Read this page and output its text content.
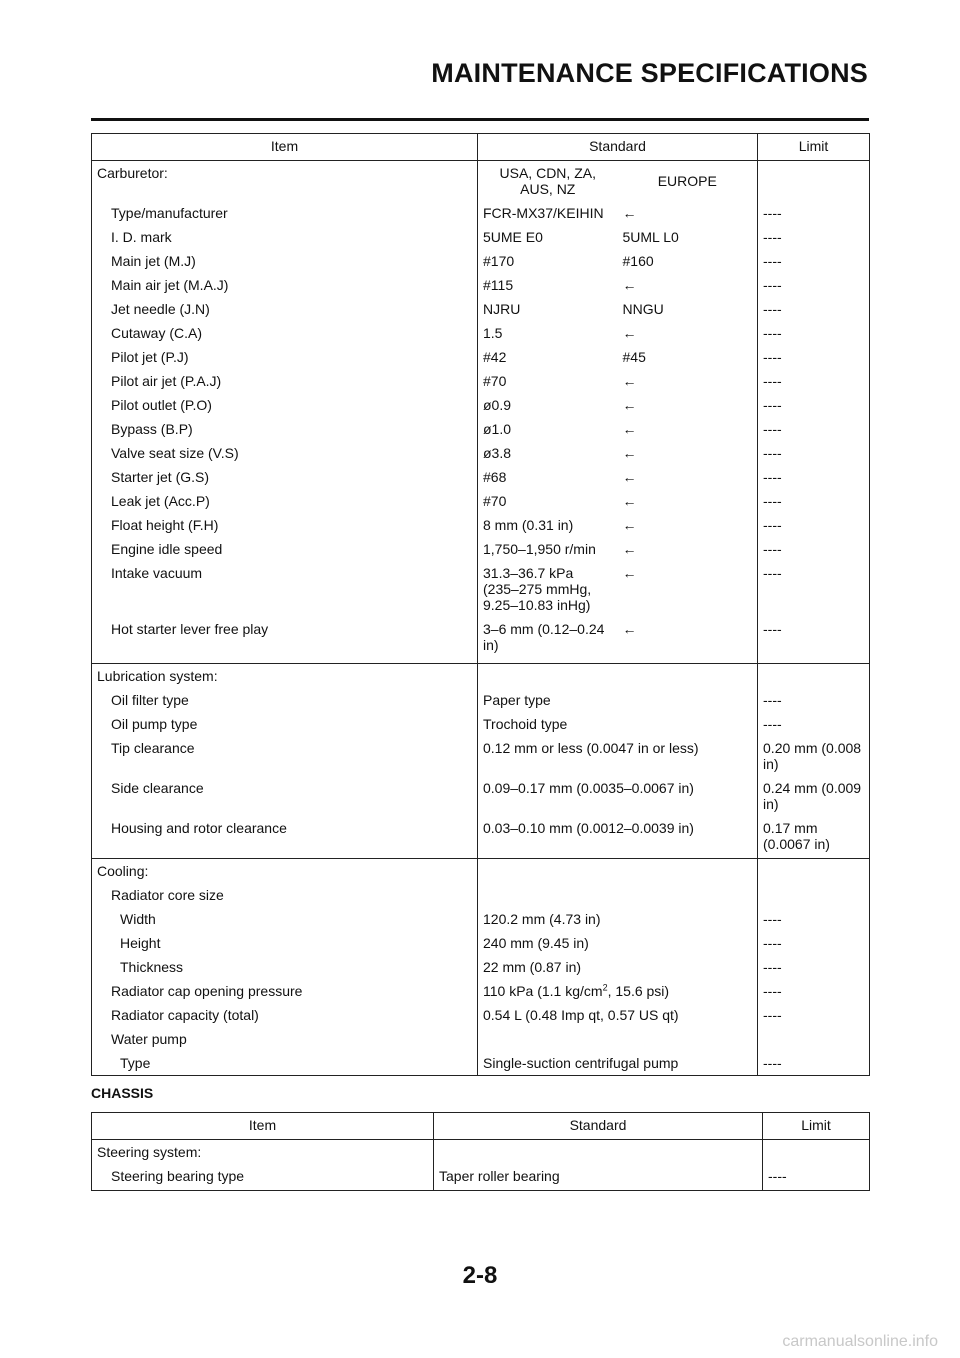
MAINTENANCE SPECIFICATIONS
Item	Standard		Limit
Carburetor:	USA, CDN, ZA,
AUS, NZ	EUROPE	
Type/manufacturer	FCR-MX37/KEIHIN	←	----
I. D. mark	5UME E0	5UML L0	----
Main jet (M.J)	#170	#160	----
Main air jet (M.A.J)	#115	←	----
Jet needle (J.N)	NJRU	NNGU	----
Cutaway (C.A)	1.5	←	----
Pilot jet (P.J)	#42	#45	----
Pilot air jet (P.A.J)	#70	←	----
Pilot outlet (P.O)	ø0.9	←	----
Bypass (B.P)	ø1.0	←	----
Valve seat size (V.S)	ø3.8	←	----
Starter jet (G.S)	#68	←	----
Leak jet (Acc.P)	#70	←	----
Float height (F.H)	8 mm (0.31 in)	←	----
Engine idle speed	1,750–1,950 r/min	←	----
Intake vacuum	31.3–36.7 kPa
(235–275 mmHg,
9.25–10.83 inHg)	←	----
Hot starter lever free play	3–6 mm (0.12–0.24
in)	←	----
Lubrication system:			
Oil filter type	Paper type		----
Oil pump type	Trochoid type		----
Tip clearance	0.12 mm or less (0.0047 in or less)		0.20 mm (0.008
in)
Side clearance	0.09–0.17 mm (0.0035–0.0067 in)		0.24 mm (0.009
in)
Housing and rotor clearance	0.03–0.10 mm (0.0012–0.0039 in)		0.17 mm
(0.0067 in)
Cooling:			
Radiator core size			
Width	120.2 mm (4.73 in)		----
Height	240 mm (9.45 in)		----
Thickness	22 mm (0.87 in)		----
Radiator cap opening pressure	110 kPa (1.1 $kg/cm^2$, 15.6 psi)		----
Radiator capacity (total)	0.54 L (0.48 Imp qt, 0.57 US qt)		----
Water pump			
Type	Single-suction centrifugal pump		----
CHASSIS
Item	Standard	Limit
Steering system:		
Steering bearing type	Taper roller bearing	----
2-8
carmanualsonline.info
